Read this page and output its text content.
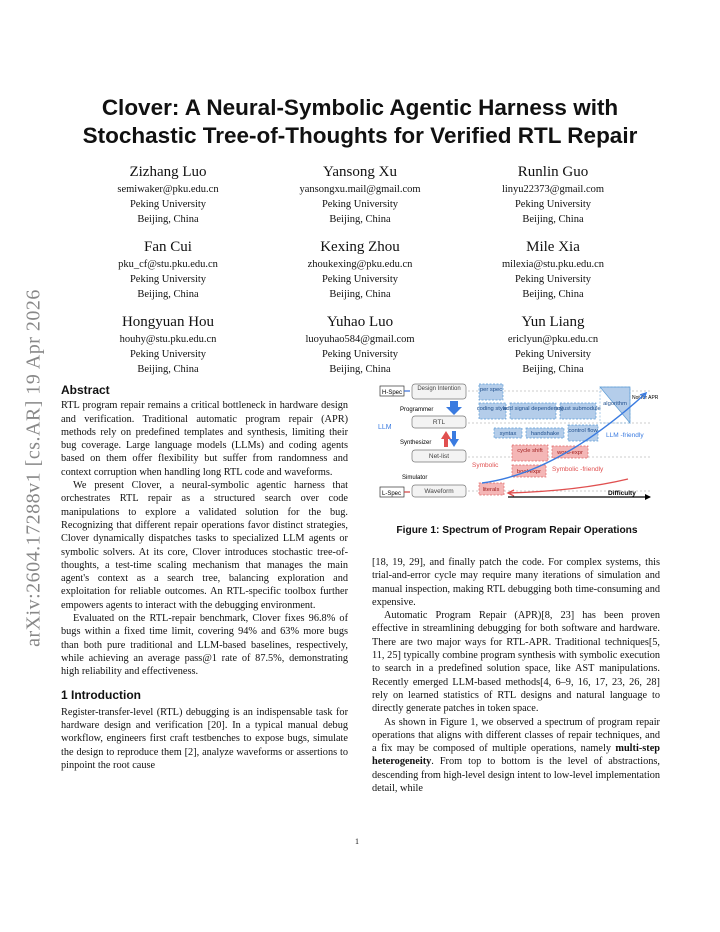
arXiv:2604.17288v1 [cs.AR] 19 Apr 2026
Clover: A Neural-Symbolic Agentic Harness with
Stochastic Tree-of-Thoughts for Verified RTL Repair
Zizhang Luo
semiwaker@pku.edu.cn
Peking University
Beijing, China
Yansong Xu
yansongxu.mail@gmail.com
Peking University
Beijing, China
Runlin Guo
linyu22373@gmail.com
Peking University
Beijing, China
Fan Cui
pku_cf@stu.pku.edu.cn
Peking University
Beijing, China
Kexing Zhou
zhoukexing@pku.edu.cn
Peking University
Beijing, China
Mile Xia
milexia@stu.pku.edu.cn
Peking University
Beijing, China
Hongyuan Hou
houhy@stu.pku.edu.cn
Peking University
Beijing, China
Yuhao Luo
luoyuhao584@gmail.com
Peking University
Beijing, China
Yun Liang
ericlyun@pku.edu.cn
Peking University
Beijing, China
Abstract

RTL program repair remains a critical bottleneck in hardware design and verification. Traditional automatic program repair (APR) methods rely on predefined templates and synthesis, limiting their bug coverage. Large language models (LLMs) and coding agents based on them offer flexibility but suffer from randomness and context corruption when handling long RTL code and waveforms.

We present Clover, a neural-symbolic agentic harness that orchestrates RTL repair as a structured search over code manipulations to explore a validated solution for the bug. Recognizing that different repair operations favor distinct strategies, Clover dynamically dispatches tasks to specialized LLM agents or symbolic solvers. At its core, Clover introduces stochastic tree-of-thoughts, a test-time scaling mechanism that manages the main agent's context as a search tree, balancing exploration and exploitation for reliable outcomes. An RTL-specific toolbox further empowers agents to interact with the debugging environment.

Evaluated on the RTL-repair benchmark, Clover fixes 96.8% of bugs within a fixed time limit, covering 94% and 63% more bugs than both pure traditional and LLM-based baselines, respectively, while achieving an average pass@1 rate of 87.5%, demonstrating high reliability and effectiveness.

1 Introduction

Register-transfer-level (RTL) debugging is an indispensable task for hardware design and verification [20]. In a typical manual debug workflow, engineers first craft testbenches to expose bugs, simulate the design to reproduce them [2], analyze waveforms or assertions to pinpoint the root cause

H-Spec
L-Spec
Design Intention
RTL
Net-list
Waveform
Programmer
Synthesizer
Simulator
LLM
Symbolic
per spec
coding style
add signal dependency
adjust submodule
syntax handshake control flow
algorithm
Not for APR
cycle shift word-expr
bool-expr
literals
LLM -friendly
Symbolic -friendly
Difficulty
Figure 1: Spectrum of Program Repair Operations

[18, 19, 29], and finally patch the code. For complex systems, this trial-and-error cycle may require many iterations of simulation and manual inspection, making RTL debugging both time-consuming and expensive.

Automatic Program Repair (APR)[8, 23] has been proven effective in streamlining debugging for both software and hardware. There are two major ways for RTL-APR. Traditional techniques[5, 11, 25] typically combine program synthesis with symbolic execution to search in a predefined solution space, like AST manipulations. Recently emerged LLM-based methods[4, 6–9, 16, 17, 23, 26, 28] rely on learned statistics of RTL designs and natural language to directly generate patches in token space.

As shown in Figure 1, we observed a spectrum of program repair operations that aligns with different classes of repair techniques, and a fix may be composed of multiple operations, namely multi-step heterogeneity. From top to bottom is the level of abstractions, descending from high-level design intent to low-level implementation detail, while

1
